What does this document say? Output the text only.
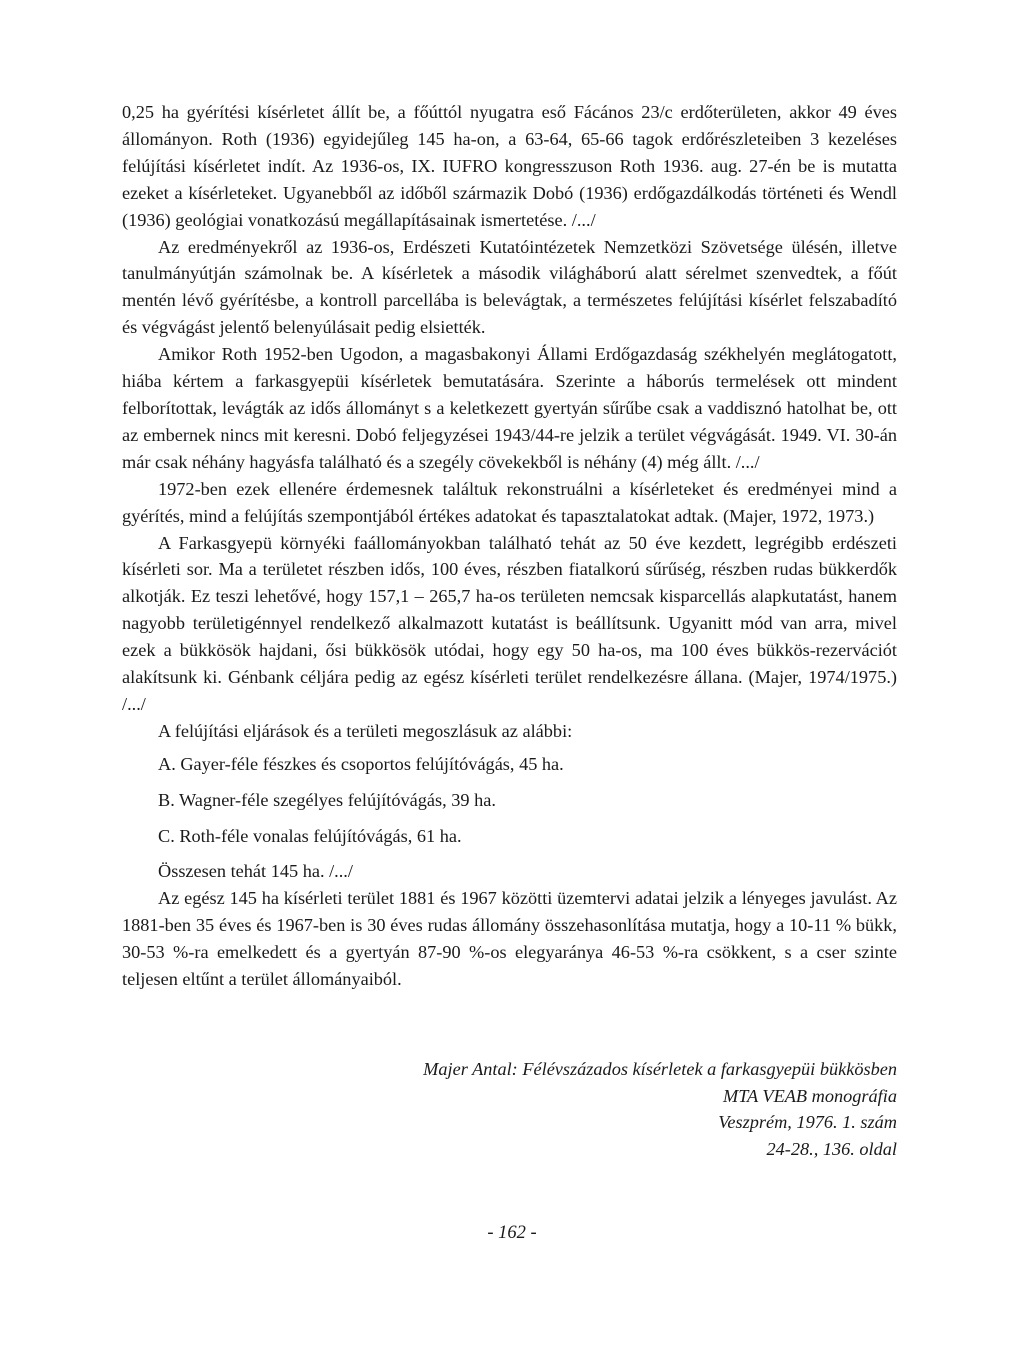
0,25 ha gyérítési kísérletet állít be, a főúttól nyugatra eső Fácános 23/c erdőterületen, akkor 49 éves állományon. Roth (1936) egyidejűleg 145 ha-on, a 63-64, 65-66 tagok erdőrészleteiben 3 kezeléses felújítási kísérletet indít. Az 1936-os, IX. IUFRO kongresszuson Roth 1936. aug. 27-én be is mutatta ezeket a kísérleteket. Ugyanebből az időből származik Dobó (1936) erdőgazdálkodás történeti és Wendl (1936) geológiai vonatkozású megállapításainak ismertetése. /.../

Az eredményekről az 1936-os, Erdészeti Kutatóintézetek Nemzetközi Szövetsége ülésén, illetve tanulmányútján számolnak be. A kísérletek a második világháború alatt sérelmet szenvedtek, a főút mentén lévő gyérítésbe, a kontroll parcellába is belevágtak, a természetes felújítási kísérlet felszabadító és végvágást jelentő belenyúlásait pedig elsiették.

Amikor Roth 1952-ben Ugodon, a magasbakonyi Állami Erdőgazdaság székhelyén meglátogatott, hiába kértem a farkasgyepüi kísérletek bemutatására. Szerinte a háborús termelések ott mindent felborítottak, levágták az idős állományt s a keletkezett gyertyán sűrűbe csak a vaddisznó hatolhat be, ott az embernek nincs mit keresni. Dobó feljegyzései 1943/44-re jelzik a terület végvágását. 1949. VI. 30-án már csak néhány hagyásfa található és a szegély cövekekből is néhány (4) még állt. /.../

1972-ben ezek ellenére érdemesnek találtuk rekonstruálni a kísérleteket és eredményei mind a gyérítés, mind a felújítás szempontjából értékes adatokat és tapasztalatokat adtak. (Majer, 1972, 1973.)

A Farkasgyepü környéki faállományokban található tehát az 50 éve kezdett, legrégibb erdészeti kísérleti sor. Ma a területet részben idős, 100 éves, részben fiatalkorú sűrűség, részben rudas bükkerdők alkotják. Ez teszi lehetővé, hogy 157,1 – 265,7 ha-os területen nemcsak kisparcellás alapkutatást, hanem nagyobb területigénnyel rendelkező alkalmazott kutatást is beállítsunk. Ugyanitt mód van arra, mivel ezek a bükkösök hajdani, ősi bükkösök utódai, hogy egy 50 ha-os, ma 100 éves bükkös-rezervációt alakítsunk ki. Génbank céljára pedig az egész kísérleti terület rendelkezésre állana. (Majer, 1974/1975.) /.../

A felújítási eljárások és a területi megoszlásuk az alábbi:

A. Gayer-féle fészkes és csoportos felújítóvágás, 45 ha.

B. Wagner-féle szegélyes felújítóvágás, 39 ha.

C. Roth-féle vonalas felújítóvágás, 61 ha.

Összesen tehát 145 ha. /.../

Az egész 145 ha kísérleti terület 1881 és 1967 közötti üzemtervi adatai jelzik a lényeges javulást. Az 1881-ben 35 éves és 1967-ben is 30 éves rudas állomány összehasonlítása mutatja, hogy a 10-11 % bükk, 30-53 %-ra emelkedett és a gyertyán 87-90 %-os elegyaránya 46-53 %-ra csökkent, s a cser szinte teljesen eltűnt a terület állományaiból.

Majer Antal: Félévszázados kísérletek a farkasgyepüi bükkösben
MTA VEAB monográfia
Veszprém, 1976. 1. szám
24-28., 136. oldal
- 162 -
